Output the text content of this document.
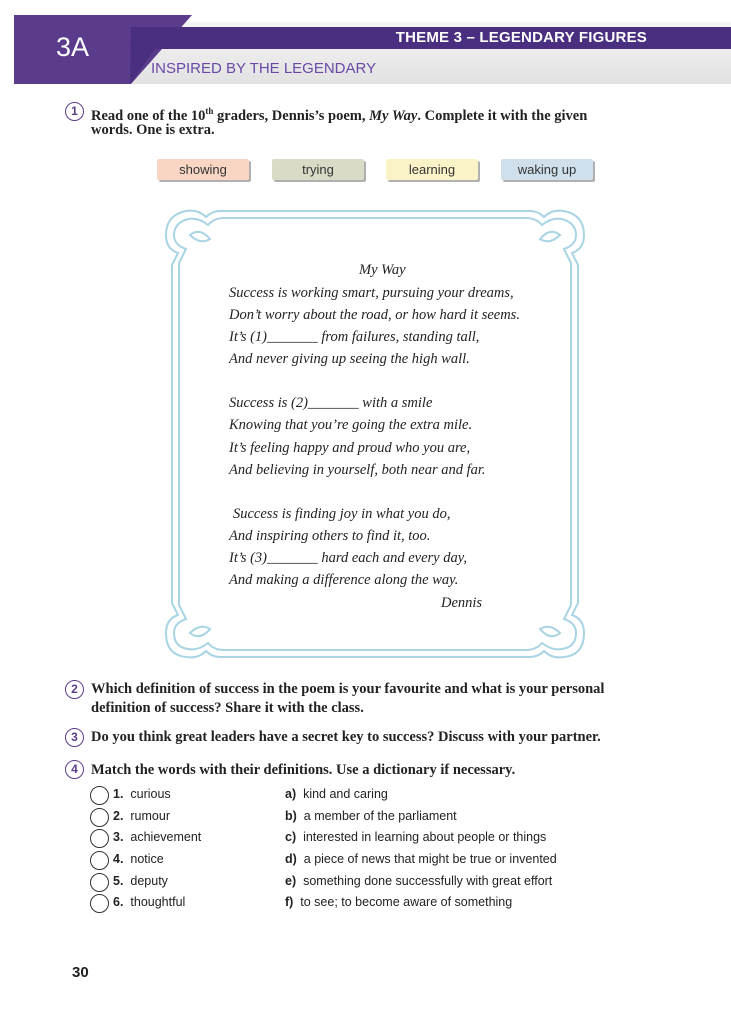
3A	THEME 3 – LEGENDARY FIGURES
INSPIRED BY THE LEGENDARY
1 Read one of the 10th graders, Dennis’s poem, My Way. Complete it with the given
words. One is extra.
showing	trying	learning	waking up
My Way
Success is working smart, pursuing your dreams,
Don’t worry about the road, or how hard it seems.
It’s (1)_______ from failures, standing tall,
And never giving up seeing the high wall.
Success is (2)_______ with a smile
Knowing that you’re going the extra mile.
It’s feeling happy and proud who you are,
And believing in yourself, both near and far.
Success is finding joy in what you do,
And inspiring others to find it, too.
It’s (3)_______ hard each and every day,
And making a difference along the way.
Dennis
2 Which definition of success in the poem is your favourite and what is your personal
definition of success? Share it with the class.
3 Do you think great leaders have a secret key to success? Discuss with your partner.
4 Match the words with their definitions. Use a dictionary if necessary.
1. curious	a) kind and caring
2. rumour	b) a member of the parliament
3. achievement	c) interested in learning about people or things
4. notice	d) a piece of news that might be true or invented
5. deputy	e) something done successfully with great effort
6. thoughtful	f) to see; to become aware of something
30
